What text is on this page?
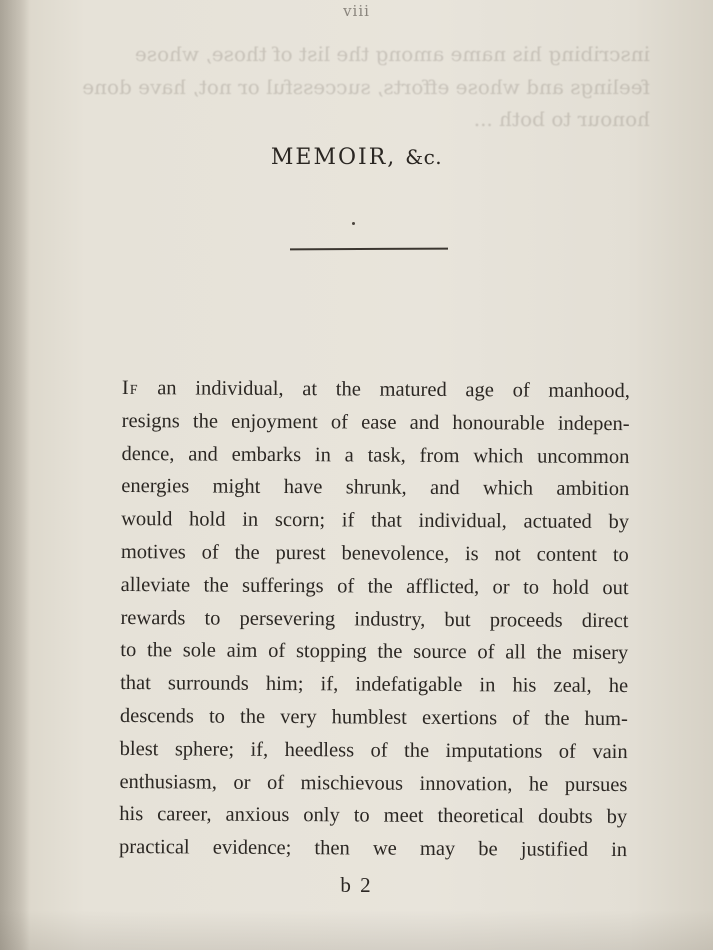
inscribing his name among the list of those, whose
feelings and whose efforts, successful or not, have done
honour to both ...
viii
MEMOIR, &c.
If an individual, at the matured age of manhood,
resigns the enjoyment of ease and honourable indepen-
dence, and embarks in a task, from which uncommon
energies might have shrunk, and which ambition
would hold in scorn; if that individual, actuated by
motives of the purest benevolence, is not content to
alleviate the sufferings of the afflicted, or to hold out
rewards to persevering industry, but proceeds direct
to the sole aim of stopping the source of all the misery
that surrounds him; if, indefatigable in his zeal, he
descends to the very humblest exertions of the hum-
blest sphere; if, heedless of the imputations of vain
enthusiasm, or of mischievous innovation, he pursues
his career, anxious only to meet theoretical doubts by
practical evidence; then we may be justified in
b 2
